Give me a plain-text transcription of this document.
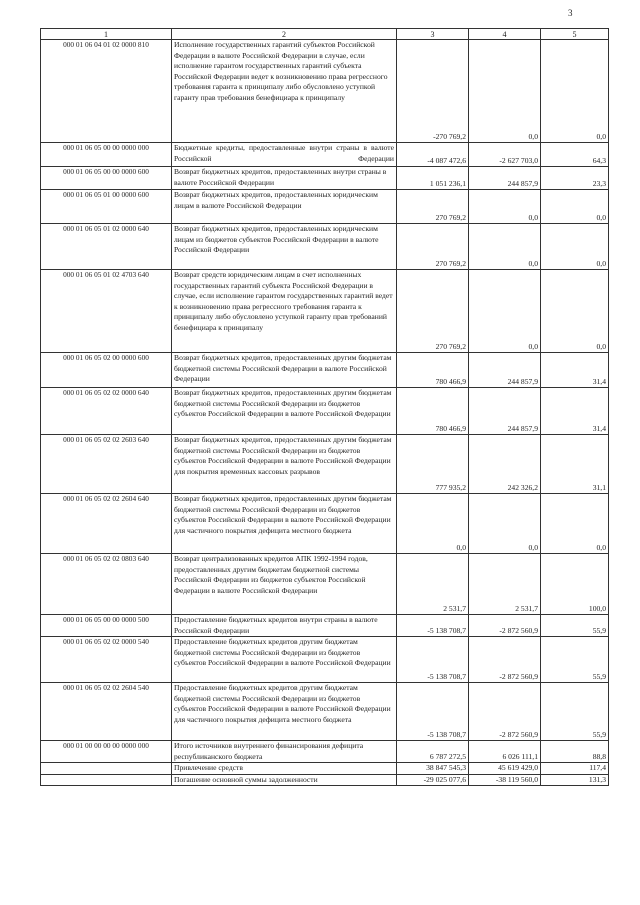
3
1	2	3	4	5
000 01 06 04 01 02 0000 810	Исполнение государственных гарантий субъектов Российской Федерации в валюте Российской Федерации в случае, если исполнение гарантом государственных гарантий субъекта Российской Федерации ведет к возникновению права регрессного требования гаранта к принципалу либо обусловлено уступкой гаранту прав требования бенефициара к принципалу	-270 769,2	0,0	0,0
000 01 06 05 00 00 0000 000	Бюджетные кредиты, предоставленные внутри страны в валюте Российской Федерации	-4 087 472,6	-2 627 703,0	64,3
000 01 06 05 00 00 0000 600	Возврат бюджетных кредитов, предоставленных внутри страны в валюте Российской Федерации	1 051 236,1	244 857,9	23,3
000 01 06 05 01 00 0000 600	Возврат бюджетных кредитов, предоставленных юридическим лицам в валюте Российской Федерации	270 769,2	0,0	0,0
000 01 06 05 01 02 0000 640	Возврат бюджетных кредитов, предоставленных юридическим лицам из бюджетов субъектов Российской Федерации в валюте Российской Федерации	270 769,2	0,0	0,0
000 01 06 05 01 02 4703 640	Возврат средств юридическим лицам в счет исполненных государственных гарантий субъекта Российской Федерации в случае, если исполнение гарантом государственных гарантий ведет к возникновению права регрессного требования гаранта к принципалу либо обусловлено уступкой гаранту прав требований бенефициара к принципалу	270 769,2	0,0	0,0
000 01 06 05 02 00 0000 600	Возврат бюджетных кредитов, предоставленных другим бюджетам бюджетной системы Российской Федерации в валюте Российской Федерации	780 466,9	244 857,9	31,4
000 01 06 05 02 02 0000 640	Возврат бюджетных кредитов, предоставленных другим бюджетам бюджетной системы Российской Федерации из бюджетов субъектов Российской Федерации в валюте Российской Федерации	780 466,9	244 857,9	31,4
000 01 06 05 02 02 2603 640	Возврат бюджетных кредитов, предоставленных другим бюджетам бюджетной системы Российской Федерации из бюджетов субъектов Российской Федерации в валюте Российской Федерации для покрытия временных кассовых разрывов	777 935,2	242 326,2	31,1
000 01 06 05 02 02 2604 640	Возврат бюджетных кредитов, предоставленных другим бюджетам бюджетной системы Российской Федерации из бюджетов субъектов Российской Федерации в валюте Российской Федерации для частичного покрытия дефицита местного бюджета	0,0	0,0	0,0
000 01 06 05 02 02 0803 640	Возврат централизованных кредитов АПК 1992-1994 годов, предоставленных другим бюджетам бюджетной системы Российской Федерации из бюджетов субъектов Российской Федерации в валюте Российской Федерации	2 531,7	2 531,7	100,0
000 01 06 05 00 00 0000 500	Предоставление бюджетных кредитов внутри страны в валюте Российской Федерации	-5 138 708,7	-2 872 560,9	55,9
000 01 06 05 02 02 0000 540	Предоставление бюджетных кредитов другим бюджетам бюджетной системы Российской Федерации из бюджетов субъектов Российской Федерации в валюте Российской Федерации	-5 138 708,7	-2 872 560,9	55,9
000 01 06 05 02 02 2604 540	Предоставление бюджетных кредитов другим бюджетам бюджетной системы Российской Федерации из бюджетов субъектов Российской Федерации в валюте Российской Федерации для частичного покрытия дефицита местного бюджета	-5 138 708,7	-2 872 560,9	55,9
000 01 00 00 00 00 0000 000	Итого источников внутреннего финансирования дефицита республиканского бюджета	6 787 272,5	6 026 111,1	88,8
	Привлечение средств	38 847 545,3	45 619 429,0	117,4
	Погашение основной суммы задолженности	-29 025 077,6	-38 119 560,0	131,3
